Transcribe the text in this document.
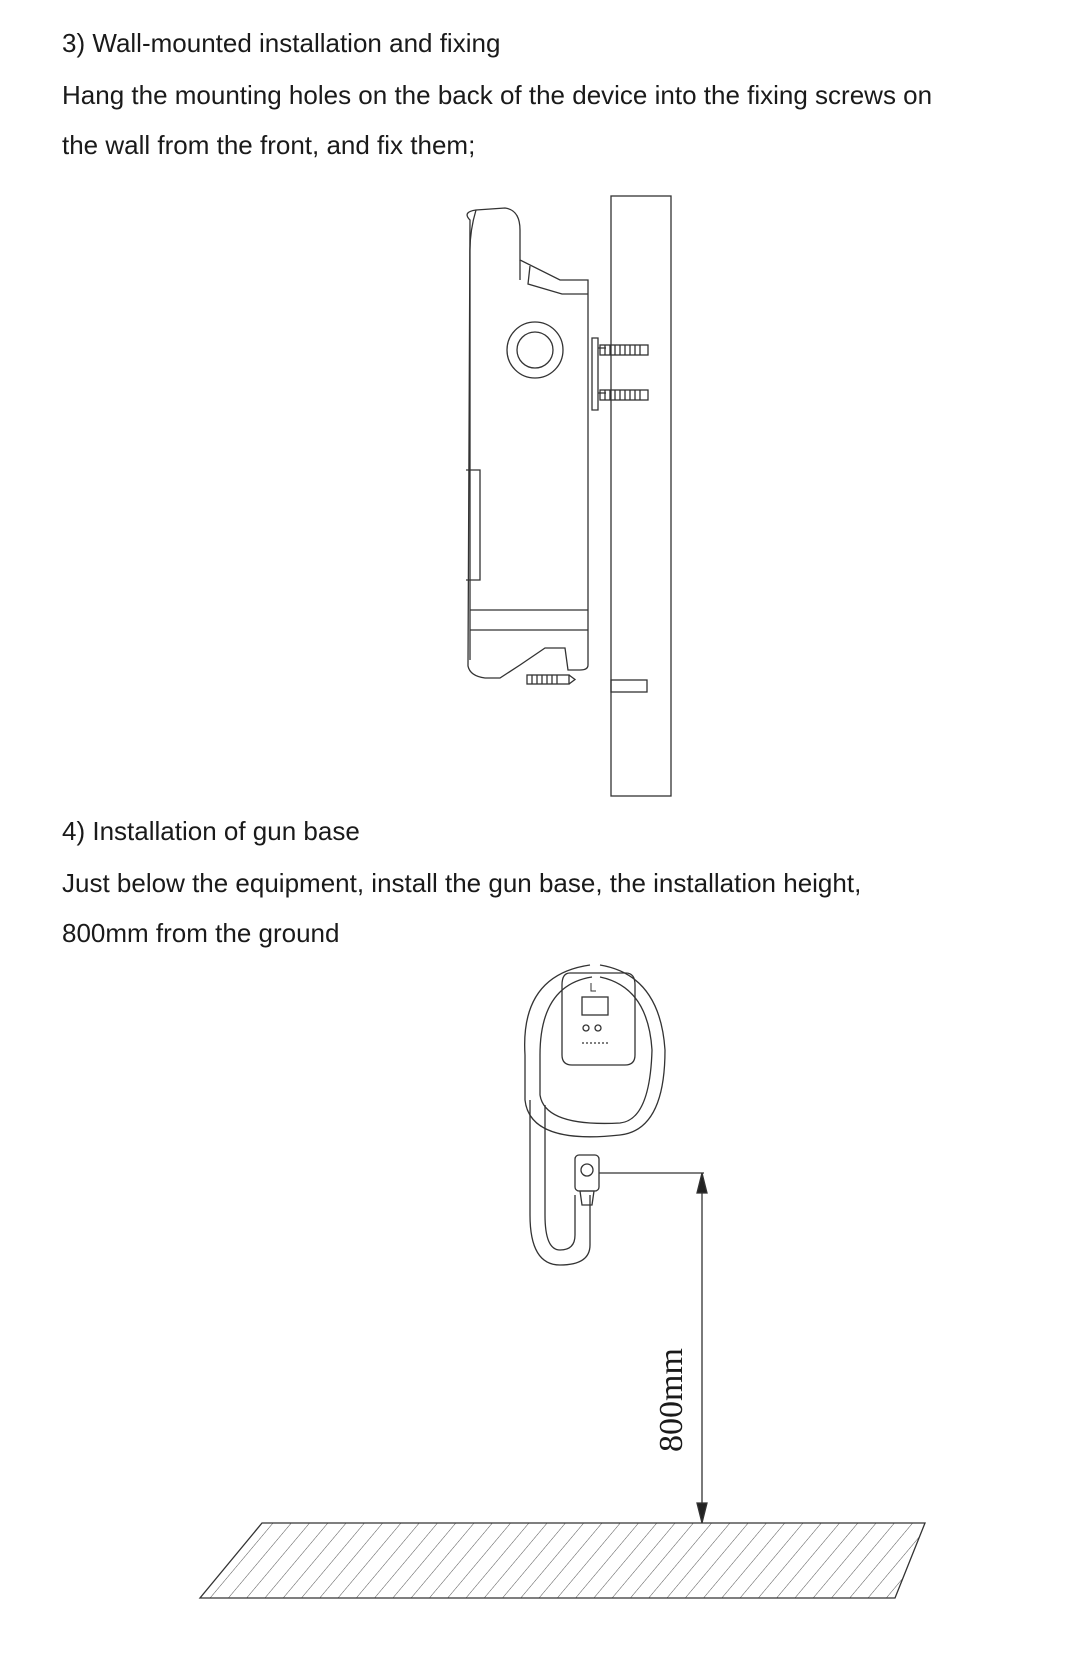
3) Wall-mounted installation and fixing
Hang the mounting holes on the back of the device into the fixing screws on
the wall from the front, and fix them;
4) Installation of gun base
Just below the equipment, install the gun base, the installation height,
800mm from the ground
800mm
